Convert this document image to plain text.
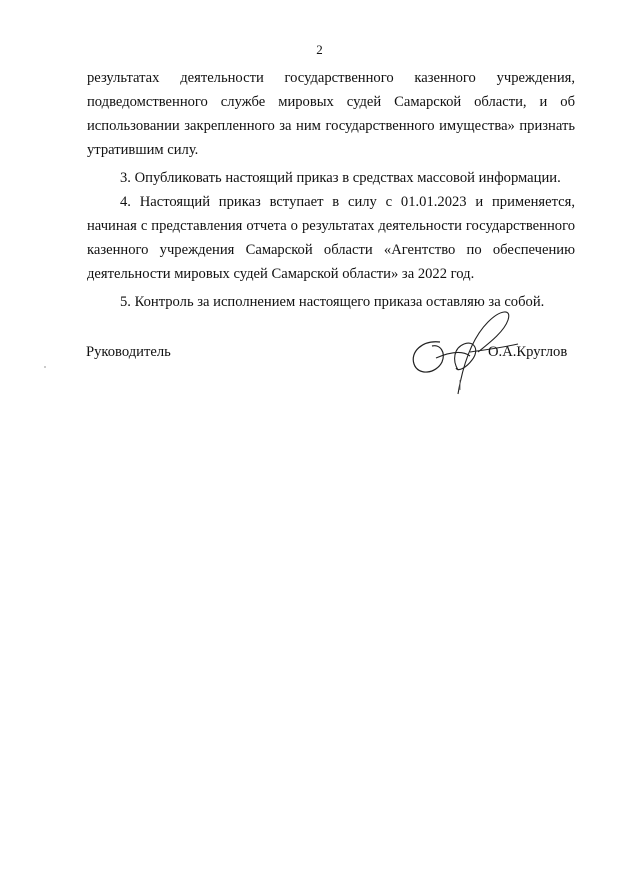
2
результатах деятельности государственного казенного учреждения, подведомственного службе мировых судей Самарской области, и об использовании закрепленного за ним государственного имущества» признать утратившим силу.
3. Опубликовать настоящий приказ в средствах массовой информации.
4. Настоящий приказ вступает в силу с 01.01.2023 и применяется, начиная с представления отчета о результатах деятельности государственного казенного учреждения Самарской области «Агентство по обеспечению деятельности мировых судей Самарской области» за 2022 год.
5. Контроль за исполнением настоящего приказа оставляю за собой.
Руководитель	О.А.Круглов
